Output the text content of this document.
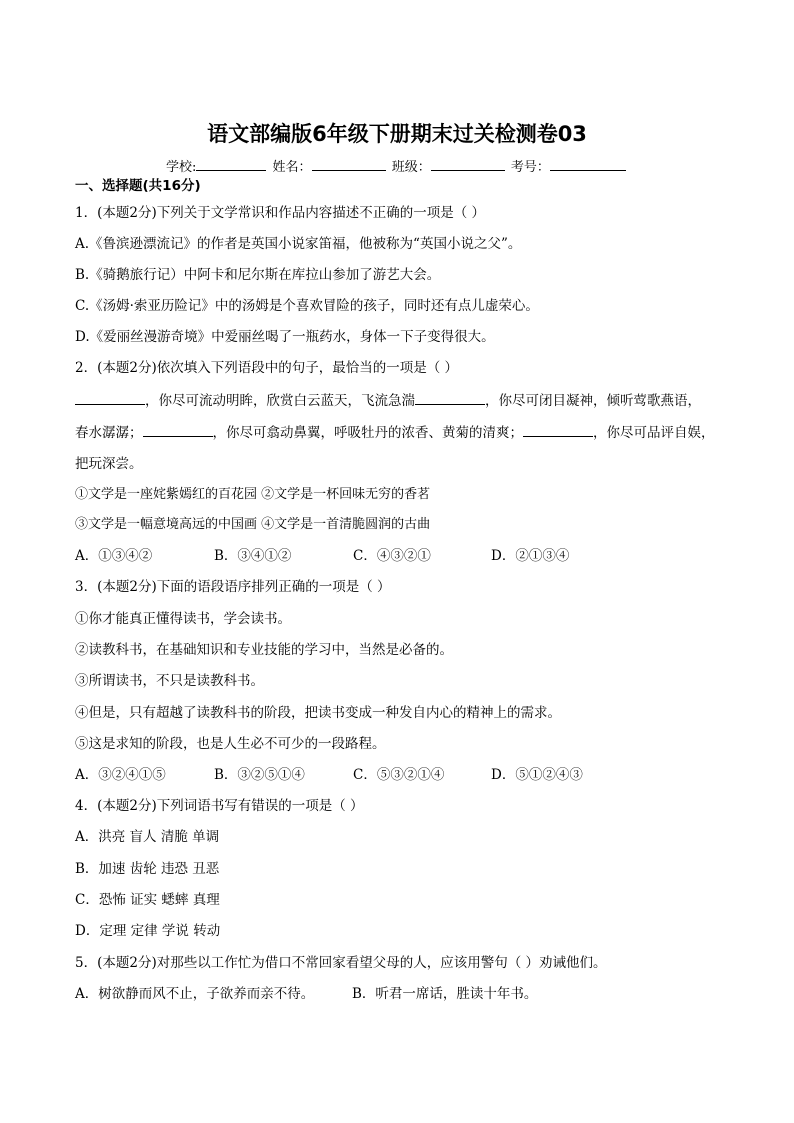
语文部编版6年级下册期末过关检测卷03
学校:	姓名：	班级：	考号：
一、选择题(共16分)
1．(本题2分)下列关于文学常识和作品内容描述不正确的一项是（ ）
A.《鲁滨逊漂流记》的作者是英国小说家笛福，他被称为“英国小说之父”。
B.《骑鹅旅行记）中阿卡和尼尔斯在库拉山参加了游艺大会。
C.《汤姆·索亚历险记》中的汤姆是个喜欢冒险的孩子，同时还有点儿虚荣心。
D.《爱丽丝漫游奇境》中爱丽丝喝了一瓶药水，身体一下子变得很大。
2．(本题2分)依次填入下列语段中的句子，最恰当的一项是（ ）
，你尽可流动明眸，欣赏白云蓝天，飞流急湍	，你尽可闭目凝神，倾听莺歌燕语，
春水潺潺；	，你尽可翕动鼻翼，呼吸牡丹的浓香、黄菊的清爽；	，你尽可品评自娱，
把玩深尝。
①文学是一座姹紫嫣红的百花园 ②文学是一杯回味无穷的香茗
③文学是一幅意境高远的中国画 ④文学是一首清脆圆润的古曲
A．①③④②	B．③④①②	C．④③②①	D．②①③④
3．(本题2分)下面的语段语序排列正确的一项是（ ）
①你才能真正懂得读书，学会读书。
②读教科书，在基础知识和专业技能的学习中，当然是必备的。
③所谓读书，不只是读教科书。
④但是，只有超越了读教科书的阶段，把读书变成一种发自内心的精神上的需求。
⑤这是求知的阶段，也是人生必不可少的一段路程。
A．③②④①⑤	B．③②⑤①④	C．⑤③②①④	D．⑤①②④③
4．(本题2分)下列词语书写有错误的一项是（ ）
A．洪亮 盲人 清脆 单调
B．加速 齿轮 违恐 丑恶
C．恐怖 证实 蟋蟀 真理
D．定理 定律 学说 转动
5．(本题2分)对那些以工作忙为借口不常回家看望父母的人，应该用警句（ ）劝诫他们。
A．树欲静而风不止，子欲养而亲不待。	B．听君一席话，胜读十年书。
